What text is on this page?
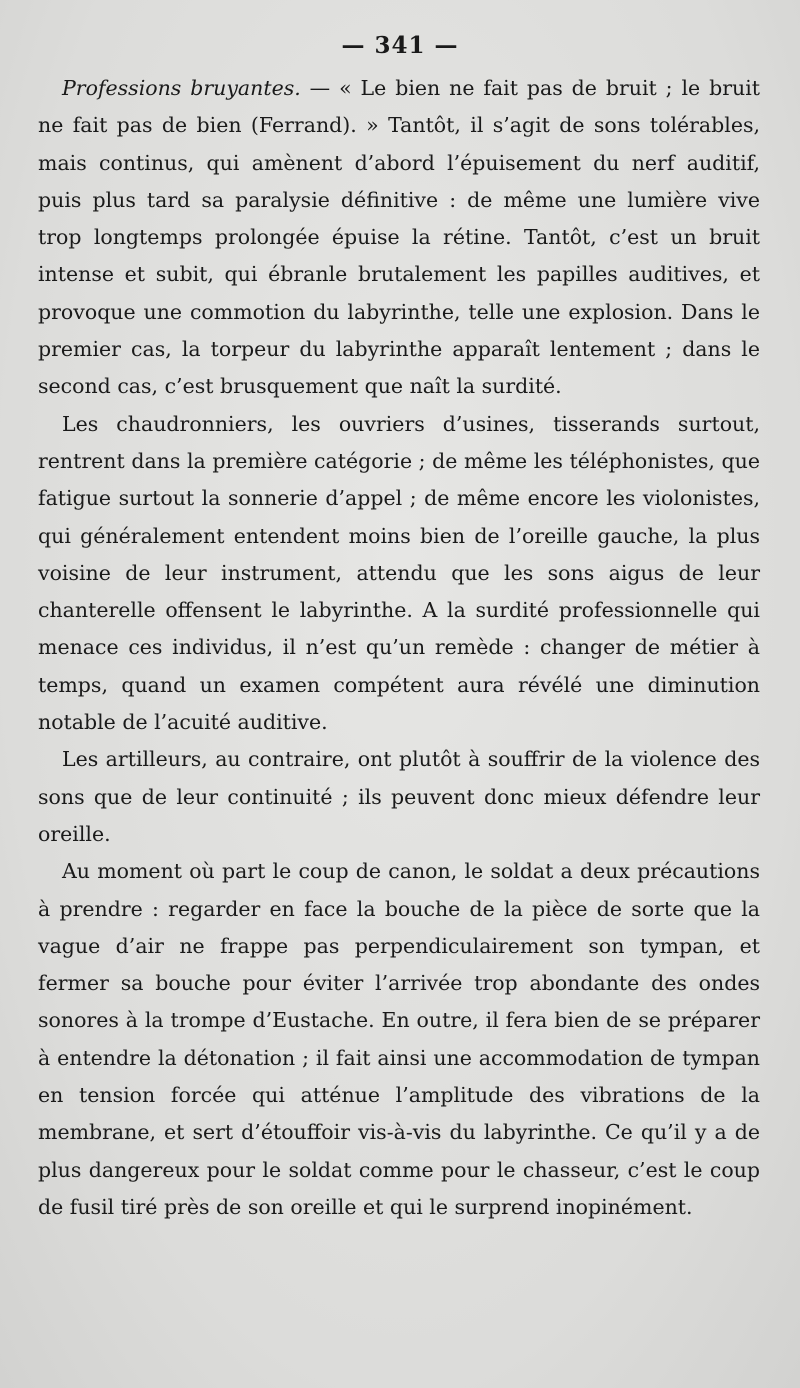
— 341 —

Professions bruyantes. — « Le bien ne fait pas de bruit ; le bruit ne fait pas de bien (Ferrand). » Tantôt, il s’agit de sons tolérables, mais continus, qui amènent d’abord l’épuisement du nerf auditif, puis plus tard sa paralysie définitive : de même une lumière vive trop longtemps prolongée épuise la rétine. Tantôt, c’est un bruit intense et subit, qui ébranle brutalement les papilles auditives, et provoque une commotion du labyrinthe, telle une explosion. Dans le premier cas, la torpeur du labyrinthe apparaît lentement ; dans le second cas, c’est brusquement que naît la surdité.

Les chaudronniers, les ouvriers d’usines, tisserands surtout, rentrent dans la première catégorie ; de même les téléphonistes, que fatigue surtout la sonnerie d’appel ; de même encore les violonistes, qui généralement entendent moins bien de l’oreille gauche, la plus voisine de leur instrument, attendu que les sons aigus de leur chanterelle offensent le labyrinthe. A la surdité professionnelle qui menace ces individus, il n’est qu’un remède : changer de métier à temps, quand un examen compétent aura révélé une diminution notable de l’acuité auditive.

Les artilleurs, au contraire, ont plutôt à souffrir de la violence des sons que de leur continuité ; ils peuvent donc mieux défendre leur oreille.

Au moment où part le coup de canon, le soldat a deux précautions à prendre : regarder en face la bouche de la pièce de sorte que la vague d’air ne frappe pas perpendiculairement son tympan, et fermer sa bouche pour éviter l’arrivée trop abondante des ondes sonores à la trompe d’Eustache. En outre, il fera bien de se préparer à entendre la détonation ; il fait ainsi une accommodation de tympan en tension forcée qui atténue l’amplitude des vibrations de la membrane, et sert d’étouffoir vis-à-vis du labyrinthe. Ce qu’il y a de plus dangereux pour le soldat comme pour le chasseur, c’est le coup de fusil tiré près de son oreille et qui le surprend inopinément.
